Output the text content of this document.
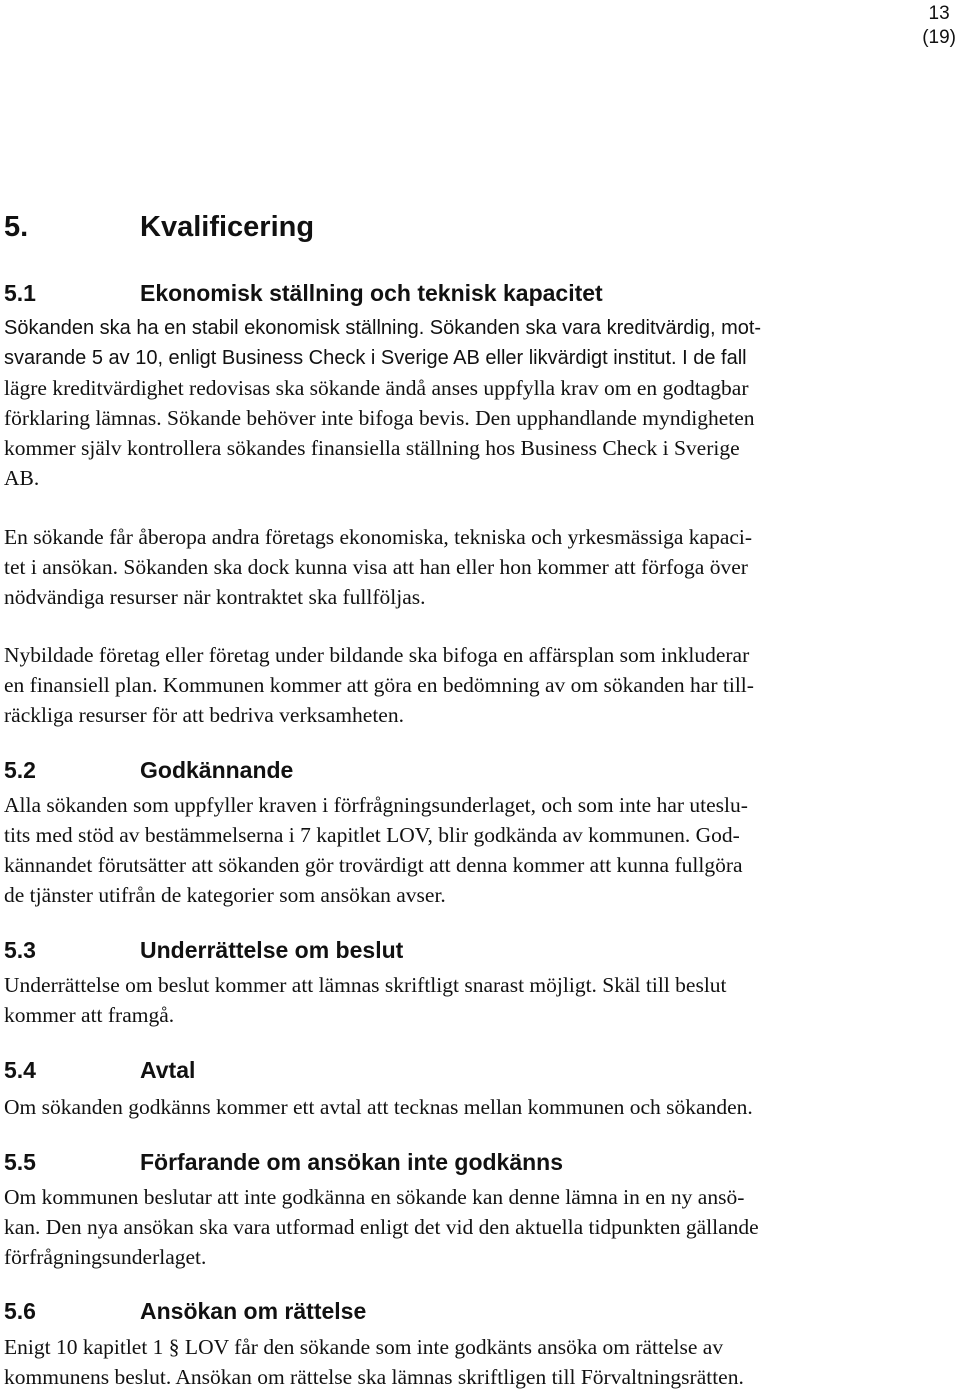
13
(19)
5.	Kvalificering
5.1	Ekonomisk ställning och teknisk kapacitet
Sökanden ska ha en stabil ekonomisk ställning. Sökanden ska vara kreditvärdig, mot-
svarande 5 av 10, enligt Business Check i Sverige AB eller likvärdigt institut. I de fall
lägre kreditvärdighet redovisas ska sökande ändå anses uppfylla krav om en godtagbar
förklaring lämnas. Sökande behöver inte bifoga bevis. Den upphandlande myndigheten
kommer själv kontrollera sökandes finansiella ställning hos Business Check i Sverige
AB.
En sökande får åberopa andra företags ekonomiska, tekniska och yrkesmässiga kapaci-
tet i ansökan. Sökanden ska dock kunna visa att han eller hon kommer att förfoga över
nödvändiga resurser när kontraktet ska fullföljas.
Nybildade företag eller företag under bildande ska bifoga en affärsplan som inkluderar
en finansiell plan. Kommunen kommer att göra en bedömning av om sökanden har till-
räckliga resurser för att bedriva verksamheten.
5.2	Godkännande
Alla sökanden som uppfyller kraven i förfrågningsunderlaget, och som inte har uteslu-
tits med stöd av bestämmelserna i 7 kapitlet LOV, blir godkända av kommunen. God-
kännandet förutsätter att sökanden gör trovärdigt att denna kommer att kunna fullgöra
de tjänster utifrån de kategorier som ansökan avser.
5.3	Underrättelse om beslut
Underrättelse om beslut kommer att lämnas skriftligt snarast möjligt. Skäl till beslut
kommer att framgå.
5.4	Avtal
Om sökanden godkänns kommer ett avtal att tecknas mellan kommunen och sökanden.
5.5	Förfarande om ansökan inte godkänns
Om kommunen beslutar att inte godkänna en sökande kan denne lämna in en ny ansö-
kan. Den nya ansökan ska vara utformad enligt det vid den aktuella tidpunkten gällande
förfrågningsunderlaget.
5.6	Ansökan om rättelse
Enigt 10 kapitlet 1 § LOV får den sökande som inte godkänts ansöka om rättelse av
kommunens beslut. Ansökan om rättelse ska lämnas skriftligen till Förvaltningsrätten.
